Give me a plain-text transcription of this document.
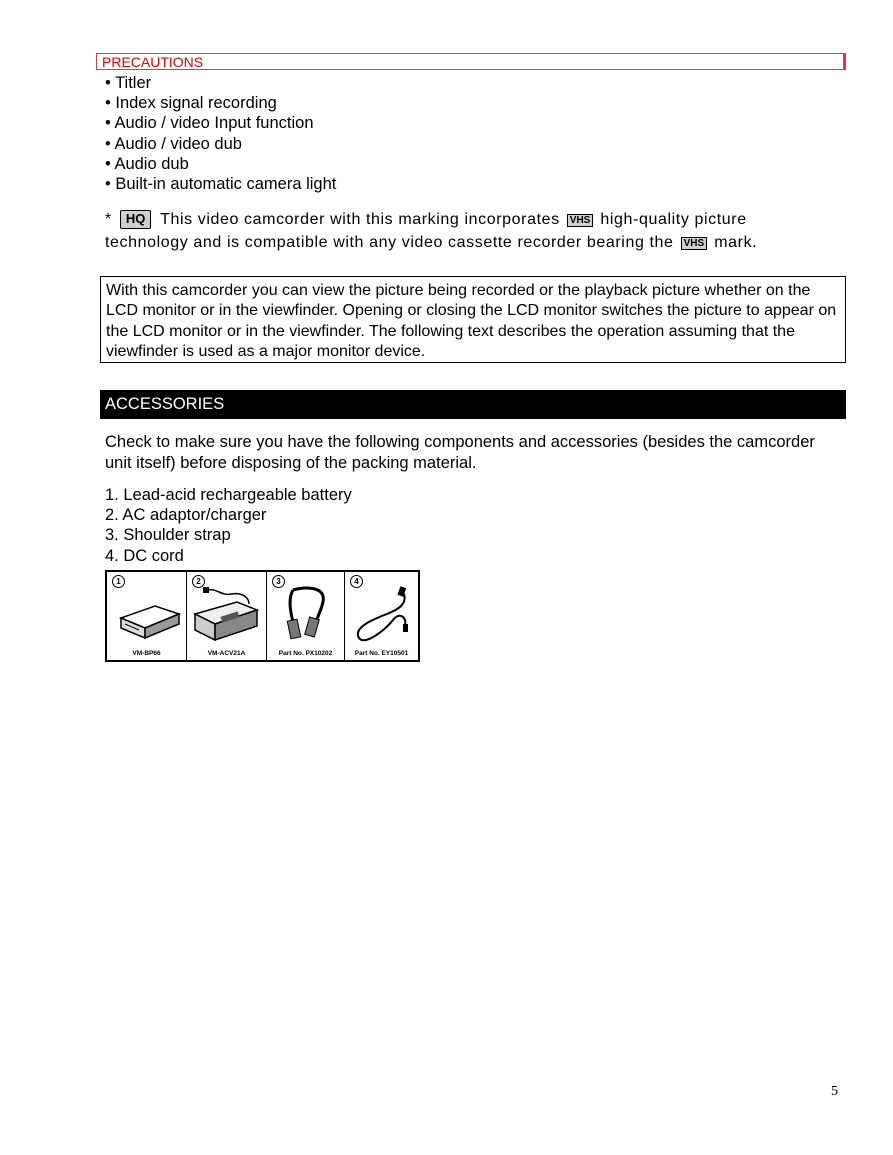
PRECAUTIONS
• Titler
• Index signal recording
• Audio / video Input function
• Audio / video dub
• Audio dub
• Built-in automatic camera light
* HQ This video camcorder with this marking incorporates VHS high-quality picture technology and is compatible with any video cassette recorder bearing the VHS mark.
With this camcorder you can view the picture being recorded or the playback picture whether on the LCD monitor or in the viewfinder. Opening or closing the LCD monitor switches the picture to appear on the LCD monitor or in the viewfinder. The following text describes the operation assuming that the viewfinder is used as a major monitor device.
ACCESSORIES

Check to make sure you have the following components and accessories (besides the camcorder unit itself) before disposing of the packing material.

1. Lead-acid rechargeable battery
2. AC adaptor/charger
3. Shoulder strap
4. DC cord
1
VM-BP66
2
VM-ACV21A
3
Part No. PX10202
4
Part No. EY10501
5
